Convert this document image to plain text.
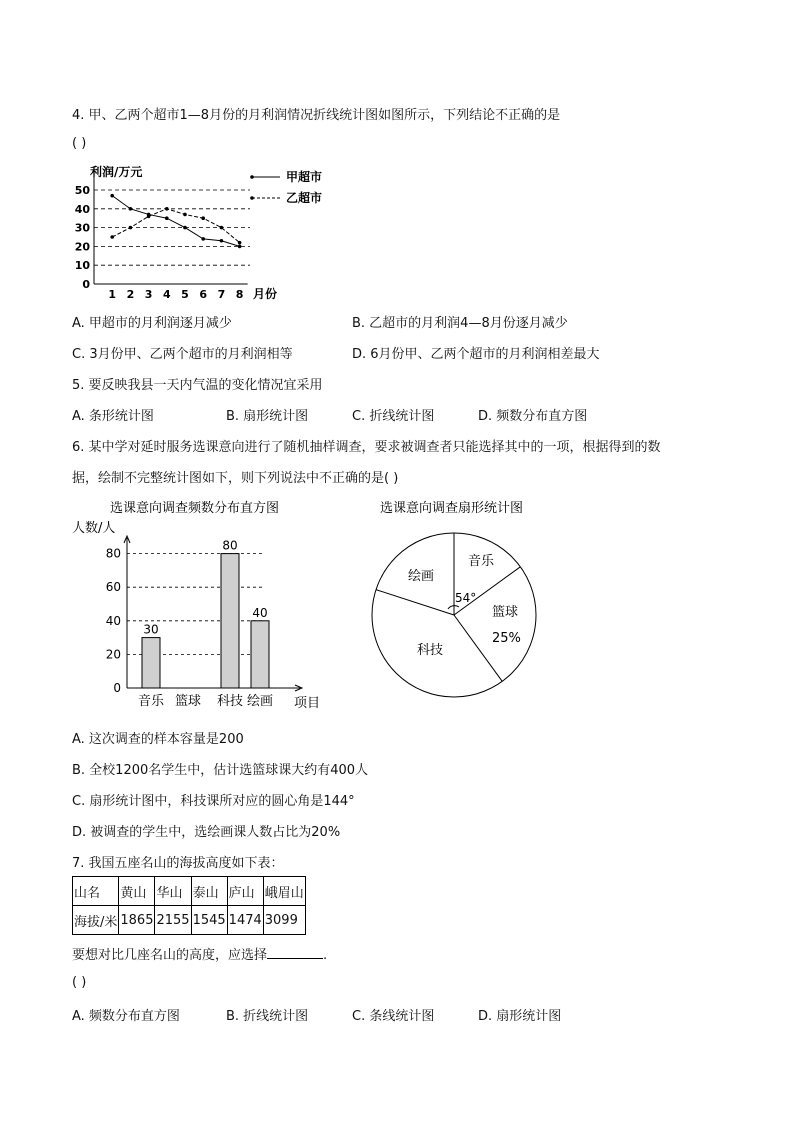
4. 甲、乙两个超市1—8月份的月利润情况折线统计图如图所示，下列结论不正确的是
( )
利润/万元
0
10
20
30
40
50
1 2 3 4 5 6 7 8 月份
甲超市
乙超市
A. 甲超市的月利润逐月减少	B. 乙超市的月利润4—8月份逐月减少
C. 3月份甲、乙两个超市的月利润相等	D. 6月份甲、乙两个超市的月利润相差最大
5. 要反映我县一天内气温的变化情况宜采用
A. 条形统计图	B. 扇形统计图	C. 折线统计图	D. 频数分布直方图
6. 某中学对延时服务选课意向进行了随机抽样调查，要求被调查者只能选择其中的一项，根据得到的数
据，绘制不完整统计图如下，则下列说法中不正确的是( )
选课意向调查频数分布直方图
人数/人
项目
30
80
40
20
40
60
80
0
音乐 篮球 科技 绘画
选课意向调查扇形统计图
音乐
54°
篮球
25%
科技
绘画
A. 这次调查的样本容量是200
B. 全校1200名学生中，估计选篮球课大约有400人
C. 扇形统计图中，科技课所对应的圆心角是144°
D. 被调查的学生中，选绘画课人数占比为20%
7. 我国五座名山的海拔高度如下表：
山名	黄山	华山	泰山	庐山	峨眉山
海拔/米	1865	2155	1545	1474	3099
要想对比几座名山的高度，应选择	.
( )
A. 频数分布直方图	B. 折线统计图	C. 条线统计图	D. 扇形统计图
